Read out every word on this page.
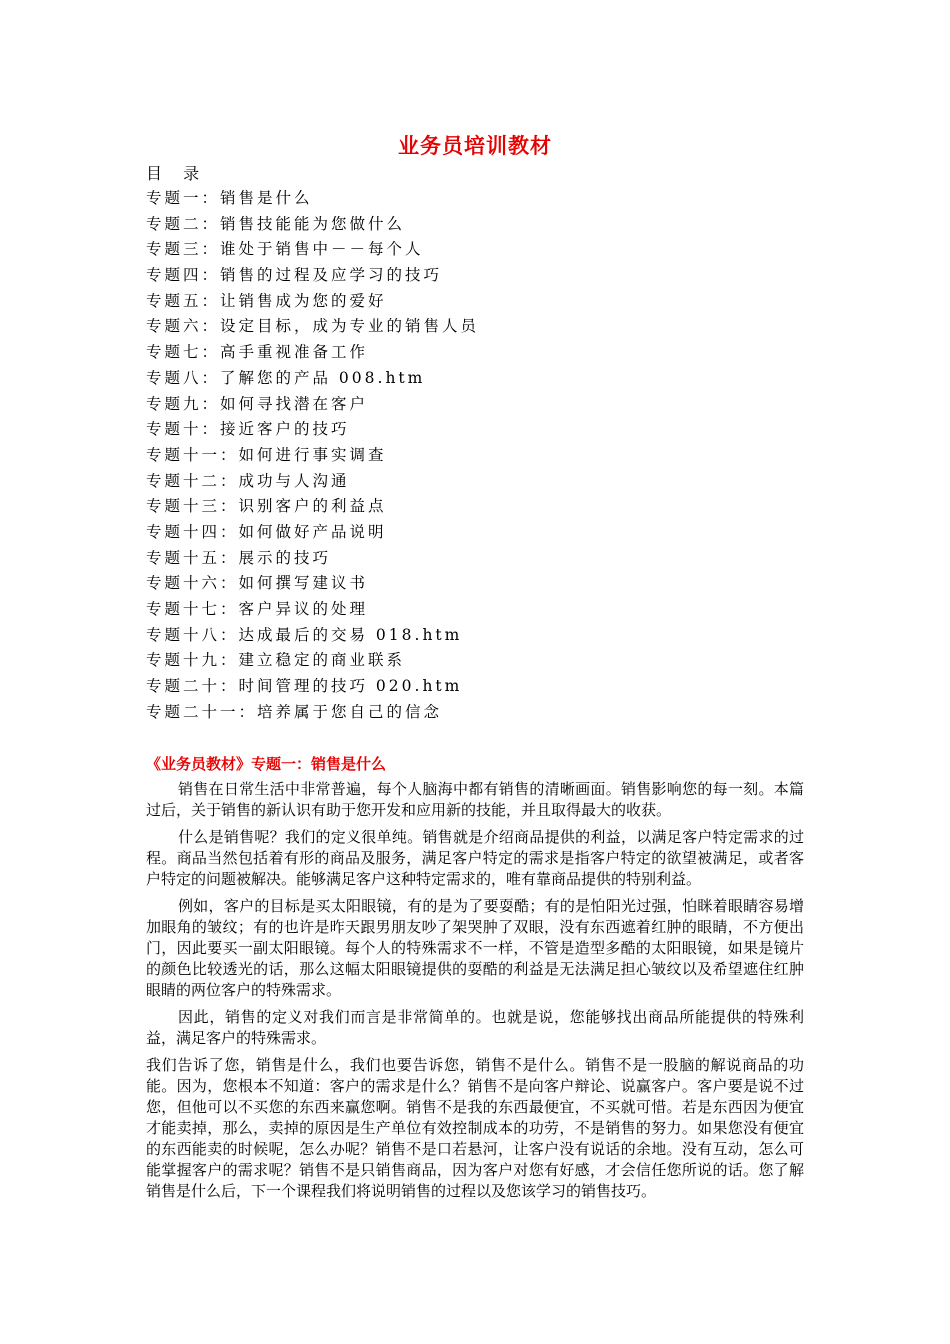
业务员培训教材
目 录
专题一：销售是什么
专题二：销售技能能为您做什么
专题三：谁处于销售中－－每个人
专题四：销售的过程及应学习的技巧
专题五：让销售成为您的爱好
专题六：设定目标，成为专业的销售人员
专题七：高手重视准备工作
专题八：了解您的产品 008.htm
专题九：如何寻找潜在客户
专题十：接近客户的技巧
专题十一：如何进行事实调查
专题十二：成功与人沟通
专题十三：识别客户的利益点
专题十四：如何做好产品说明
专题十五：展示的技巧
专题十六：如何撰写建议书
专题十七：客户异议的处理
专题十八：达成最后的交易 018.htm
专题十九：建立稳定的商业联系
专题二十：时间管理的技巧 020.htm
专题二十一：培养属于您自己的信念
《业务员教材》专题一：销售是什么

销售在日常生活中非常普遍，每个人脑海中都有销售的清晰画面。销售影响您的每一刻。本篇过后，关于销售的新认识有助于您开发和应用新的技能，并且取得最大的收获。

什么是销售呢？我们的定义很单纯。销售就是介绍商品提供的利益，以满足客户特定需求的过程。商品当然包括着有形的商品及服务，满足客户特定的需求是指客户特定的欲望被满足，或者客户特定的问题被解决。能够满足客户这种特定需求的，唯有靠商品提供的特别利益。

例如，客户的目标是买太阳眼镜，有的是为了要耍酷；有的是怕阳光过强，怕眯着眼睛容易增加眼角的皱纹；有的也许是昨天跟男朋友吵了架哭肿了双眼，没有东西遮着红肿的眼睛，不方便出门，因此要买一副太阳眼镜。每个人的特殊需求不一样，不管是造型多酷的太阳眼镜，如果是镜片的颜色比较透光的话，那么这幅太阳眼镜提供的耍酷的利益是无法满足担心皱纹以及希望遮住红肿眼睛的两位客户的特殊需求。

因此，销售的定义对我们而言是非常简单的。也就是说，您能够找出商品所能提供的特殊利益，满足客户的特殊需求。

我们告诉了您，销售是什么，我们也要告诉您，销售不是什么。销售不是一股脑的解说商品的功能。因为，您根本不知道：客户的需求是什么？销售不是向客户辩论、说赢客户。客户要是说不过您，但他可以不买您的东西来赢您啊。销售不是我的东西最便宜，不买就可惜。若是东西因为便宜才能卖掉，那么，卖掉的原因是生产单位有效控制成本的功劳，不是销售的努力。如果您没有便宜的东西能卖的时候呢，怎么办呢？销售不是口若悬河，让客户没有说话的余地。没有互动，怎么可能掌握客户的需求呢？销售不是只销售商品，因为客户对您有好感，才会信任您所说的话。您了解销售是什么后，下一个课程我们将说明销售的过程以及您该学习的销售技巧。
